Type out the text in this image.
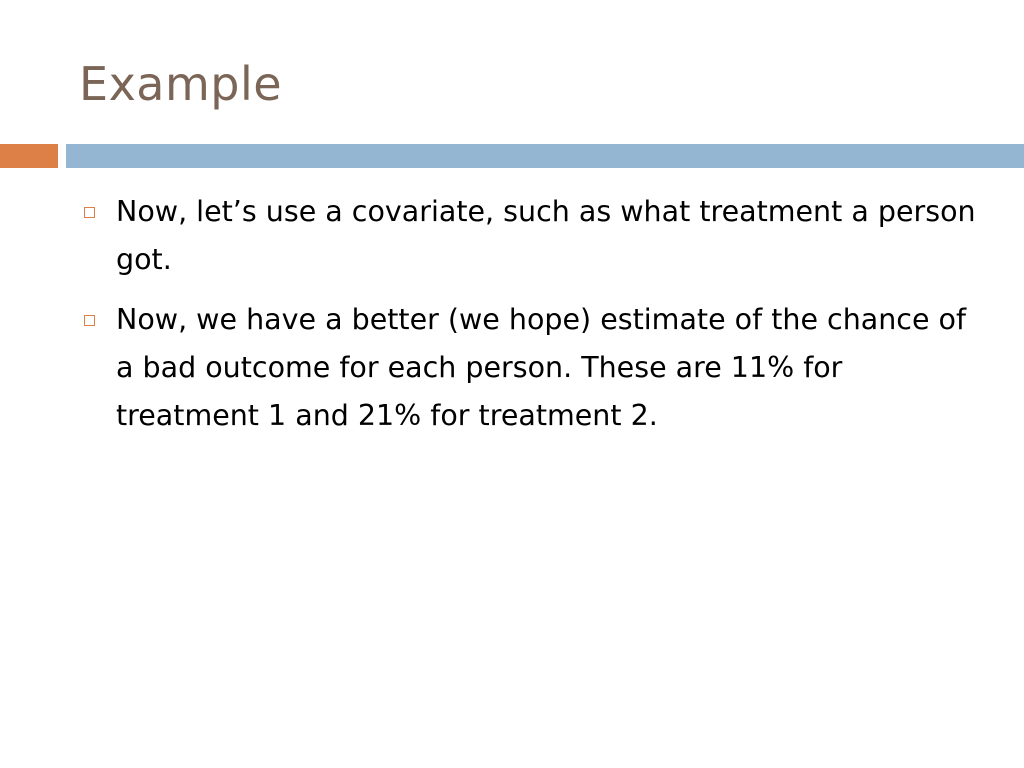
Example
Now, let’s use a covariate, such as what treatment a person got.
Now, we have a better (we hope) estimate of the chance of a bad outcome for each person. These are 11% for treatment 1 and 21% for treatment 2.
